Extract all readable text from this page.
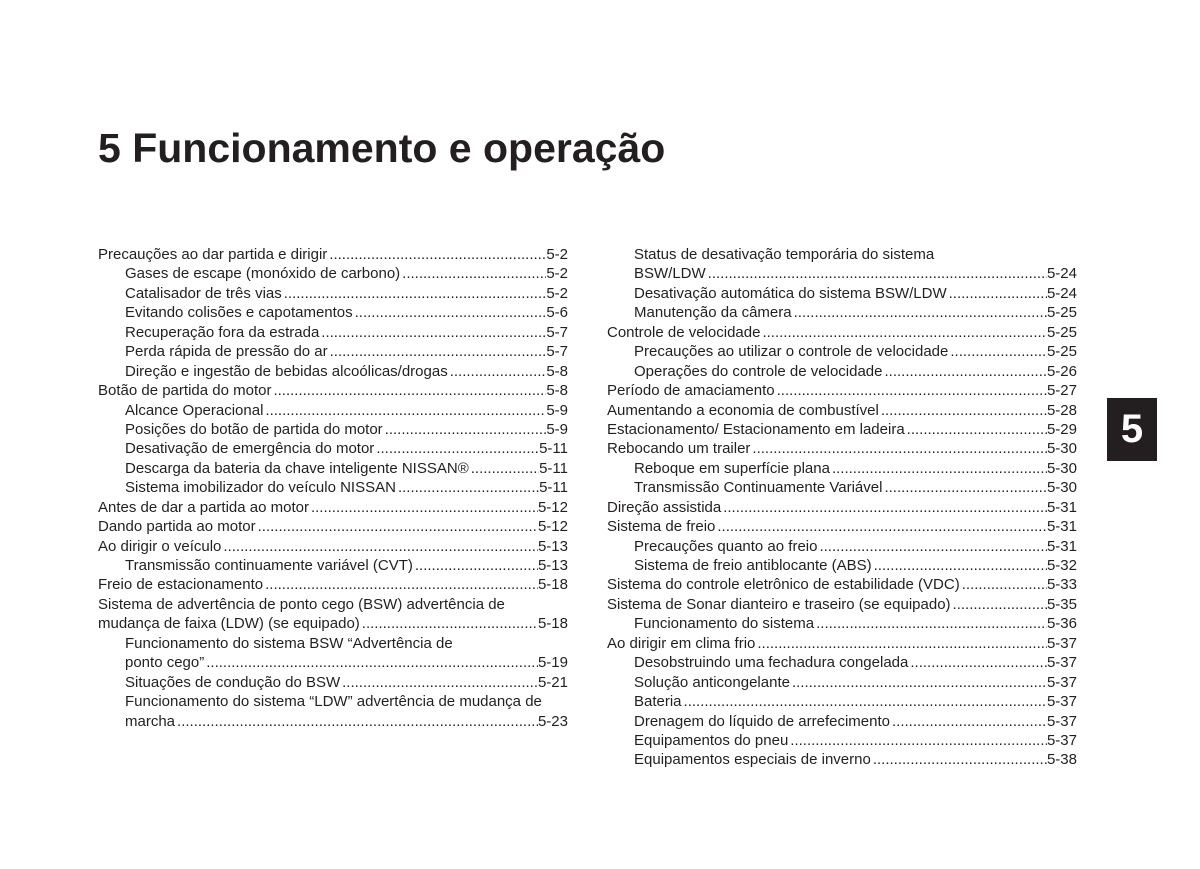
5 Funcionamento e operação
5
Precauções ao dar partida e dirigir .....	5-2
Gases de escape (monóxido de carbono) .....	5-2
Catalisador de três vias .....	5-2
Evitando colisões e capotamentos .....	5-6
Recuperação fora da estrada .....	5-7
Perda rápida de pressão do ar .....	5-7
Direção e ingestão de bebidas alcoólicas/drogas .....	5-8
Botão de partida do motor .....	5-8
Alcance Operacional .....	5-9
Posições do botão de partida do motor .....	5-9
Desativação de emergência do motor .....	5-11
Descarga da bateria da chave inteligente NISSAN® .....	5-11
Sistema imobilizador do veículo NISSAN .....	5-11
Antes de dar a partida ao motor .....	5-12
Dando partida ao motor .....	5-12
Ao dirigir o veículo .....	5-13
Transmissão continuamente variável (CVT) .....	5-13
Freio de estacionamento .....	5-18
Sistema de advertência de ponto cego (BSW) advertência de
mudança de faixa (LDW) (se equipado) .....	5-18
Funcionamento do sistema BSW “Advertência de
ponto cego” .....	5-19
Situações de condução do BSW .....	5-21
Funcionamento do sistema “LDW” advertência de mudança de
marcha .....	5-23
Status de desativação temporária do sistema
BSW/LDW .....	5-24
Desativação automática do sistema BSW/LDW .....	5-24
Manutenção da câmera .....	5-25
Controle de velocidade .....	5-25
Precauções ao utilizar o controle de velocidade .....	5-25
Operações do controle de velocidade .....	5-26
Período de amaciamento .....	5-27
Aumentando a economia de combustível .....	5-28
Estacionamento/ Estacionamento em ladeira .....	5-29
Rebocando um trailer .....	5-30
Reboque em superfície plana .....	5-30
Transmissão Continuamente Variável .....	5-30
Direção assistida .....	5-31
Sistema de freio .....	5-31
Precauções quanto ao freio .....	5-31
Sistema de freio antiblocante (ABS) .....	5-32
Sistema do controle eletrônico de estabilidade (VDC) .....	5-33
Sistema de Sonar dianteiro e traseiro (se equipado) .....	5-35
Funcionamento do sistema .....	5-36
Ao dirigir em clima frio .....	5-37
Desobstruindo uma fechadura congelada .....	5-37
Solução anticongelante .....	5-37
Bateria .....	5-37
Drenagem do líquido de arrefecimento .....	5-37
Equipamentos do pneu .....	5-37
Equipamentos especiais de inverno .....	5-38
